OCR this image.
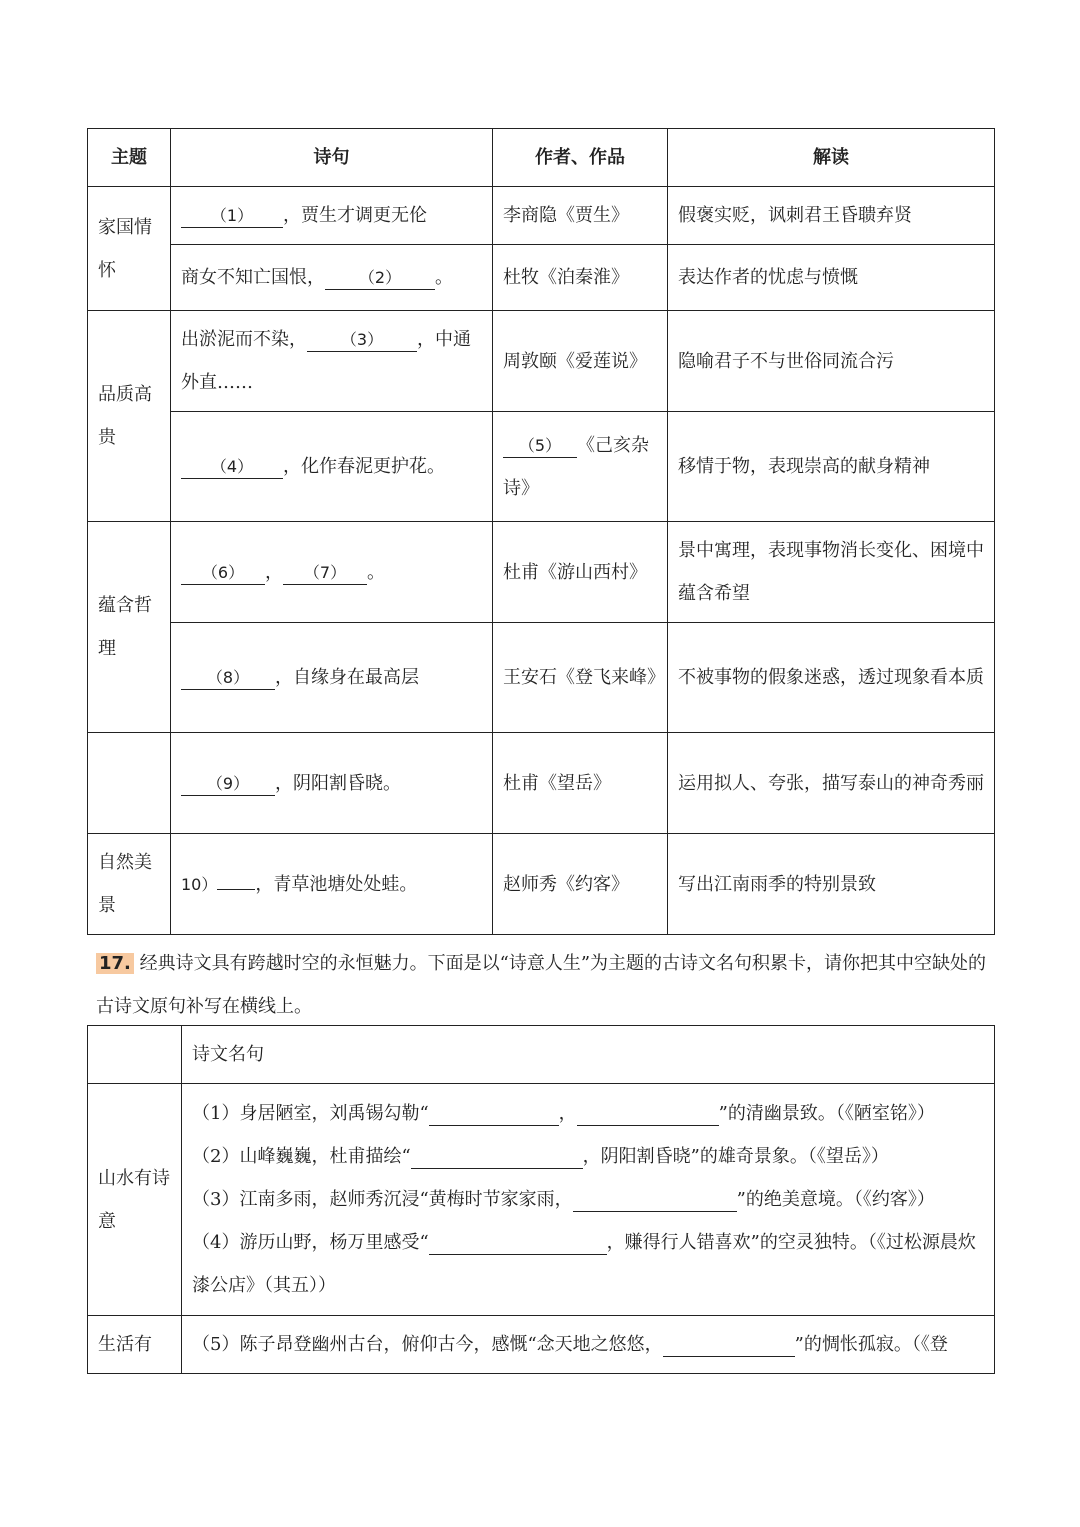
主题	诗句	作者、作品	解读
家国情怀	（1） ，贾生才调更无伦	李商隐《贾生》	假褒实贬，讽刺君王昏聩弃贤
	商女不知亡国恨， （2） 。	杜牧《泊秦淮》	表达作者的忧虑与愤慨
品质高贵	出淤泥而不染， （3） ，中通外直……	周敦颐《爱莲说》	隐喻君子不与世俗同流合污
	（4） ，化作春泥更护花。	（5） 《己亥杂诗》	移情于物，表现崇高的献身精神
蕴含哲理	（6） ， （7） 。	杜甫《游山西村》	景中寓理，表现事物消长变化、困境中蕴含希望
	（8） ，自缘身在最高层	王安石《登飞来峰》	不被事物的假象迷惑，透过现象看本质
	（9） ，阴阳割昏晓。	杜甫《望岳》	运用拟人、夸张，描写泰山的神奇秀丽
自然美景	10） ，青草池塘处处蛙。	赵师秀《约客》	写出江南雨季的特别景致
17. 经典诗文具有跨越时空的永恒魅力。下面是以“诗意人生”为主题的古诗文名句积累卡，请你把其中空缺处的古诗文原句补写在横线上。
	诗文名句
山水有诗意	（1）身居陋室，刘禹锡勾勒“ ， ”的清幽景致。（《陋室铭》）
（2）山峰巍巍，杜甫描绘“ ，阴阳割昏晓”的雄奇景象。（《望岳》）
（3）江南多雨，赵师秀沉浸“黄梅时节家家雨， ”的绝美意境。（《约客》）
（4）游历山野，杨万里感受“ ，赚得行人错喜欢”的空灵独特。（《过松源晨炊漆公店》（其五））

生活有	（5）陈子昂登幽州古台，俯仰古今，感慨“念天地之悠悠， ”的惆怅孤寂。（《登
